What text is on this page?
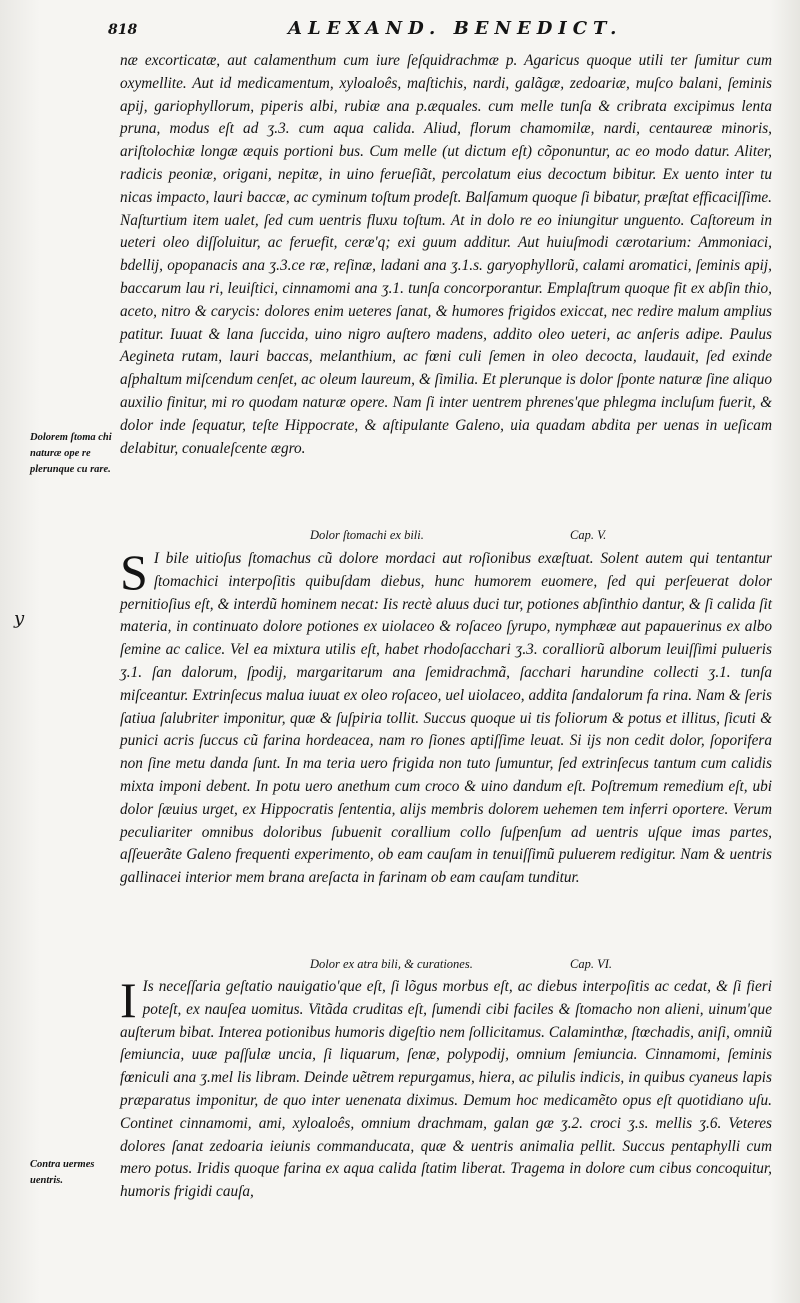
818	ALEXAND. BENEDICT.

næ excorticatæ, aut calamenthum cum iure ſeſquidrachmæ p. Agaricus quoque utili ter ſumitur cum oxymellite. Aut id medicamentum, xyloaloês, maſtichis, nardi, galãgæ, zedoariæ, muſco balani, ſeminis apij, gariophyllorum, piperis albi, rubiæ ana p.æquales. cum melle tunſa & cribrata excipimus lenta pruna, modus eſt ad ʒ.3. cum aqua calida. Aliud, florum chamomilæ, nardi, centaureæ minoris, ariſtolochiæ longæ æquis portioni bus. Cum melle (ut dictum eſt) cõponuntur, ac eo modo datur. Aliter, radicis peoniæ, origani, nepitæ, in uino ferueſiãt, percolatum eius decoctum bibitur. Ex uento inter tu nicas impacto, lauri baccæ, ac cyminum toſtum prodeſt. Balſamum quoque ſi bibatur, præſtat efficaciſſime. Naſturtium item ualet, ſed cum uentris fluxu toſtum. At in dolo re eo iniungitur unguento. Caſtoreum in ueteri oleo diſſoluitur, ac feruefit, ceræ'q; exi guum additur. Aut huiuſmodi cærotarium: Ammoniaci, bdellij, opopanacis ana ʒ.3.ce ræ, reſinæ, ladani ana ʒ.1.s. garyophyllorũ, calami aromatici, ſeminis apij, baccarum lau ri, leuiſtici, cinnamomi ana ʒ.1. tunſa concorporantur. Emplaſtrum quoque fit ex abſin thio, aceto, nitro & carycis: dolores enim ueteres ſanat, & humores frigidos exiccat, nec redire malum amplius patitur. Iuuat & lana ſuccida, uino nigro auſtero madens, addito oleo ueteri, ac anſeris adipe. Paulus Aegineta rutam, lauri baccas, melanthium, ac fœni culi ſemen in oleo decocta, laudauit, ſed exinde aſphaltum miſcendum cenſet, ac oleum laureum, & ſimilia. Et plerunque is dolor ſponte naturæ ſine aliquo auxilio finitur, mi ro quodam naturæ opere. Nam ſi inter uentrem phrenes'que phlegma incluſum fuerit, & dolor inde ſequatur, teſte Hippocrate, & aſtipulante Galeno, uia quadam abdita per uenas in ueſicam delabitur, conualeſcente ægro.

Dolor ſtomachi ex bili.	Cap. V.
S I bile uitioſus ſtomachus cũ dolore mordaci aut roſionibus exæſtuat. Solent autem qui tentantur ſtomachici interpoſitis quibuſdam diebus, hunc humorem euomere, ſed qui perſeuerat dolor pernitioſius eſt, & interdũ hominem necat: Iis rectè aluus duci tur, potiones abſinthio dantur, & ſi calida ſit materia, in continuato dolore potiones ex uiolaceo & roſaceo ſyrupo, nymphææ aut papauerinus ex albo ſemine ac calice. Vel ea mixtura utilis eſt, habet rhodoſacchari ʒ.3. coralliorũ alborum leuiſſimi pulueris ʒ.1. ſan dalorum, ſpodij, margaritarum ana ſemidrachmã, ſacchari harundine collecti ʒ.1. tunſa miſceantur. Extrinſecus malua iuuat ex oleo roſaceo, uel uiolaceo, addita ſandalorum fa rina. Nam & ſeris ſatiua ſalubriter imponitur, quæ & ſuſpiria tollit. Succus quoque ui tis foliorum & potus et illitus, ſicuti & punici acris ſuccus cũ farina hordeacea, nam ro ſiones aptiſſime leuat. Si ijs non cedit dolor, ſoporifera non ſine metu danda ſunt. In ma teria uero frigida non tuto ſumuntur, ſed extrinſecus tantum cum calidis mixta imponi debent. In potu uero anethum cum croco & uino dandum eſt. Poſtremum remedium eſt, ubi dolor ſæuius urget, ex Hippocratis ſententia, alijs membris dolorem uehemen tem inferri oportere. Verum peculiariter omnibus doloribus ſubuenit corallium collo ſuſpenſum ad uentris uſque imas partes, aſſeuerãte Galeno frequenti experimento, ob eam cauſam in tenuiſſimũ puluerem redigitur. Nam & uentris gallinacei interior mem brana areſacta in farinam ob eam cauſam tunditur.

Dolor ex atra bili, & curationes.	Cap. VI.
I Is neceſſaria geſtatio nauigatio'que eſt, ſi lõgus morbus eſt, ac diebus interpoſitis ac cedat, & ſi fieri poteſt, ex nauſea uomitus. Vitãda cruditas eſt, ſumendi cibi faciles & ſtomacho non alieni, uinum'que auſterum bibat. Interea potionibus humoris digeſtio nem ſollicitamus. Calaminthæ, ſtœchadis, aniſi, omniũ ſemiuncia, uuæ paſſulæ uncia, ſi liquarum, ſenæ, polypodij, omnium ſemiuncia. Cinnamomi, ſeminis fœniculi ana ʒ.mel lis libram. Deinde uẽtrem repurgamus, hiera, ac pilulis indicis, in quibus cyaneus lapis præparatus imponitur, de quo inter uenenata diximus. Demum hoc medicamẽto opus eſt quotidiano uſu. Continet cinnamomi, ami, xyloaloês, omnium drachmam, galan gæ ʒ.2. croci ʒ.s. mellis ʒ.6. Veteres dolores ſanat zedoaria ieiunis commanducata, quæ & uentris animalia pellit. Succus pentaphylli cum mero potus. Iridis quoque farina ex aqua calida ſtatim liberat. Tragema in dolore cum cibus concoquitur, humoris frigidi cauſa,

Dolorem ſtoma chi naturæ ope re plerunque cu rare.
Contra uermes uentris.
y
